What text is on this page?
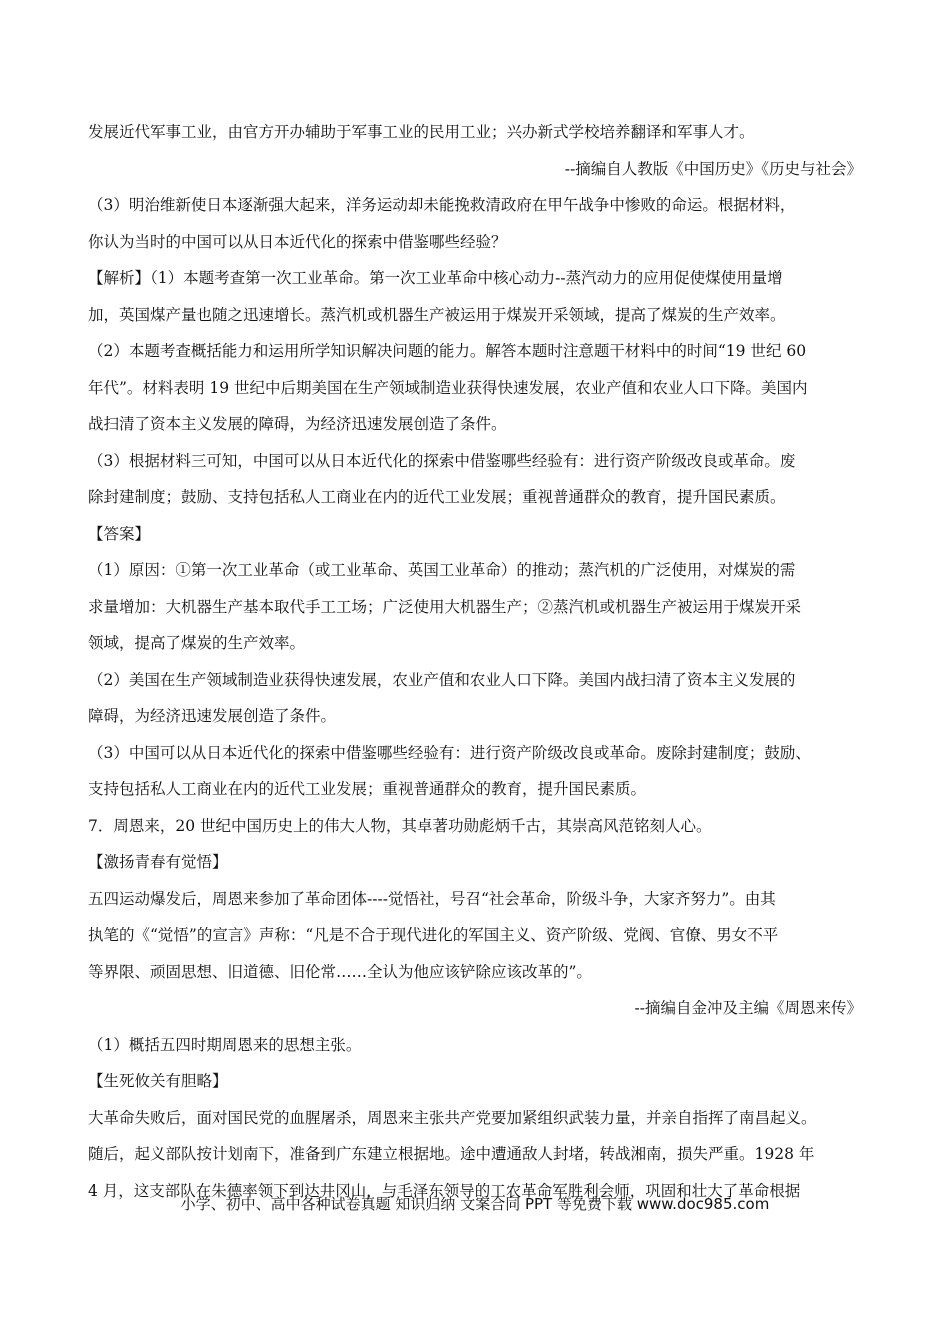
发展近代军事工业，由官方开办辅助于军事工业的民用工业；兴办新式学校培养翻译和军事人才。
--摘编自人教版《中国历史》《历史与社会》
（3）明治维新使日本逐渐强大起来，洋务运动却未能挽救清政府在甲午战争中惨败的命运。根据材料，
你认为当时的中国可以从日本近代化的探索中借鉴哪些经验？
【解析】（1）本题考查第一次工业革命。第一次工业革命中核心动力--蒸汽动力的应用促使煤使用量增
加，英国煤产量也随之迅速增长。蒸汽机或机器生产被运用于煤炭开采领域，提高了煤炭的生产效率。
（2）本题考查概括能力和运用所学知识解决问题的能力。解答本题时注意题干材料中的时间“19 世纪 60
年代”。材料表明 19 世纪中后期美国在生产领域制造业获得快速发展，农业产值和农业人口下降。美国内
战扫清了资本主义发展的障碍，为经济迅速发展创造了条件。
（3）根据材料三可知，中国可以从日本近代化的探索中借鉴哪些经验有：进行资产阶级改良或革命。废
除封建制度；鼓励、支持包括私人工商业在内的近代工业发展；重视普通群众的教育，提升国民素质。
【答案】
（1）原因：①第一次工业革命（或工业革命、英国工业革命）的推动；蒸汽机的广泛使用，对煤炭的需
求量增加：大机器生产基本取代手工工场；广泛使用大机器生产；②蒸汽机或机器生产被运用于煤炭开采
领域，提高了煤炭的生产效率。
（2）美国在生产领域制造业获得快速发展，农业产值和农业人口下降。美国内战扫清了资本主义发展的
障碍，为经济迅速发展创造了条件。
（3）中国可以从日本近代化的探索中借鉴哪些经验有：进行资产阶级改良或革命。废除封建制度；鼓励、
支持包括私人工商业在内的近代工业发展；重视普通群众的教育，提升国民素质。
7．周恩来，20 世纪中国历史上的伟大人物，其卓著功勋彪炳千古，其崇高风范铭刻人心。
【激扬青春有觉悟】
五四运动爆发后，周恩来参加了革命团体----觉悟社，号召“社会革命，阶级斗争，大家齐努力”。由其
执笔的《“觉悟”的宣言》声称：“凡是不合于现代进化的军国主义、资产阶级、党阀、官僚、男女不平
等界限、顽固思想、旧道德、旧伦常……全认为他应该铲除应该改革的”。
--摘编自金冲及主编《周恩来传》
（1）概括五四时期周恩来的思想主张。
【生死攸关有胆略】
大革命失败后，面对国民党的血腥屠杀，周恩来主张共产党要加紧组织武装力量，并亲自指挥了南昌起义。
随后，起义部队按计划南下，准备到广东建立根据地。途中遭通敌人封堵，转战湘南，损失严重。1928 年
4 月，这支部队在朱德率领下到达井冈山，与毛泽东领导的工农革命军胜利会师，巩固和壮大了革命根据
小学、初中、高中各种试卷真题 知识归纳 文案合同 PPT 等免费下载 www.doc985.com
